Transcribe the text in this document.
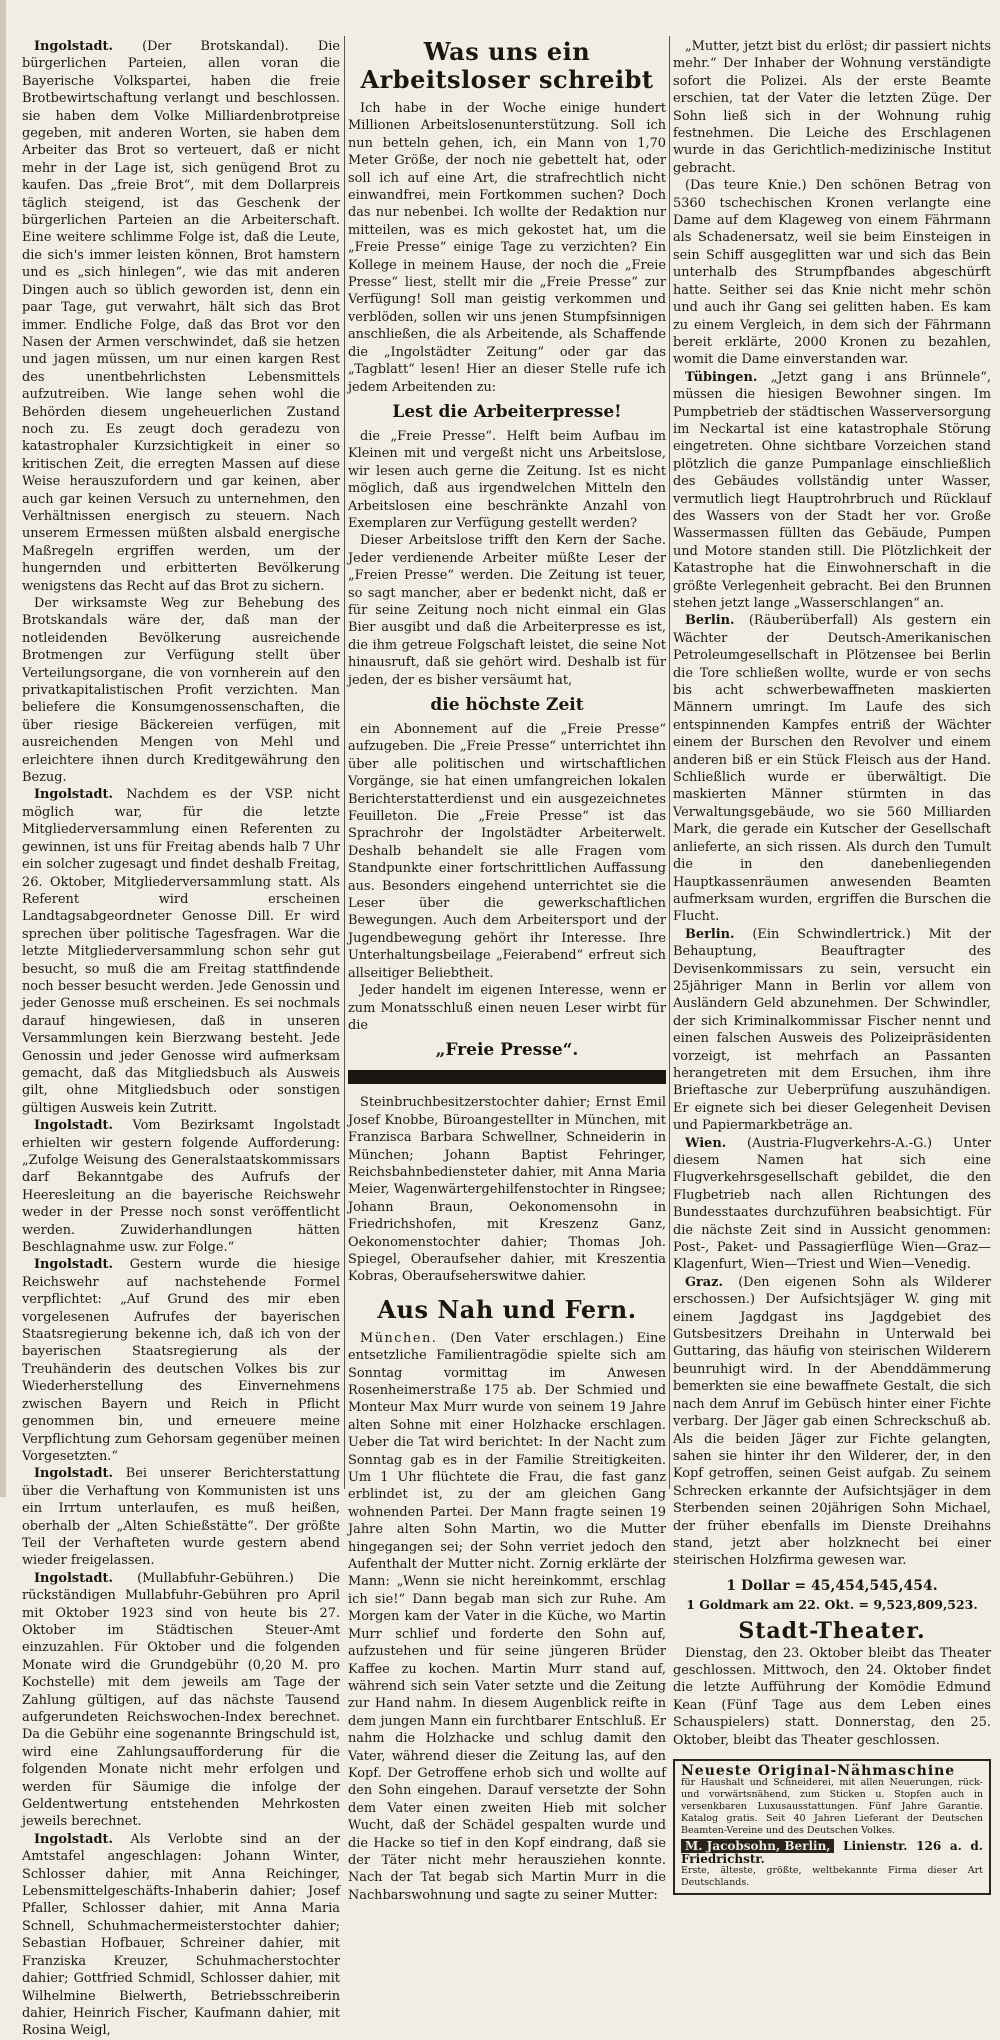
Ingolstadt. (Der Brotskandal). Die bürgerlichen Parteien, allen voran die Bayerische Volkspartei, haben die freie Brotbewirtschaftung verlangt und beschlossen. sie haben dem Volke Milliardenbrotpreise gegeben, mit anderen Worten, sie haben dem Arbeiter das Brot so verteuert, daß er nicht mehr in der Lage ist, sich genügend Brot zu kaufen. Das „freie Brot“, mit dem Dollarpreis täglich steigend, ist das Geschenk der bürgerlichen Parteien an die Arbeiterschaft. Eine weitere schlimme Folge ist, daß die Leute, die sich's immer leisten können, Brot hamstern und es „sich hinlegen“, wie das mit anderen Dingen auch so üblich geworden ist, denn ein paar Tage, gut verwahrt, hält sich das Brot immer. Endliche Folge, daß das Brot vor den Nasen der Armen verschwindet, daß sie hetzen und jagen müssen, um nur einen kargen Rest des unentbehrlichsten Lebensmittels aufzutreiben. Wie lange sehen wohl die Behörden diesem ungeheuerlichen Zustand noch zu. Es zeugt doch geradezu von katastrophaler Kurzsichtigkeit in einer so kritischen Zeit, die erregten Massen auf diese Weise herauszufordern und gar keinen, aber auch gar keinen Versuch zu unternehmen, den Verhältnissen energisch zu steuern. Nach unserem Ermessen müßten alsbald energische Maßregeln ergriffen werden, um der hungernden und erbitterten Bevölkerung wenigstens das Recht auf das Brot zu sichern.

Der wirksamste Weg zur Behebung des Brotskandals wäre der, daß man der notleidenden Bevölkerung ausreichende Brotmengen zur Verfügung stellt über Verteilungsorgane, die von vornherein auf den privatkapitalistischen Profit verzichten. Man beliefere die Konsumgenossenschaften, die über riesige Bäckereien verfügen, mit ausreichenden Mengen von Mehl und erleichtere ihnen durch Kreditgewährung den Bezug.

Ingolstadt. Nachdem es der VSP. nicht möglich war, für die letzte Mitgliederversammlung einen Referenten zu gewinnen, ist uns für Freitag abends halb 7 Uhr ein solcher zugesagt und findet deshalb Freitag, 26. Oktober, Mitgliederversammlung statt. Als Referent wird erscheinen Landtagsabgeordneter Genosse Dill. Er wird sprechen über politische Tagesfragen. War die letzte Mitgliederversammlung schon sehr gut besucht, so muß die am Freitag stattfindende noch besser besucht werden. Jede Genossin und jeder Genosse muß erscheinen. Es sei nochmals darauf hingewiesen, daß in unseren Versammlungen kein Bierzwang besteht. Jede Genossin und jeder Genosse wird aufmerksam gemacht, daß das Mitgliedsbuch als Ausweis gilt, ohne Mitgliedsbuch oder sonstigen gültigen Ausweis kein Zutritt.

Ingolstadt. Vom Bezirksamt Ingolstadt erhielten wir gestern folgende Aufforderung: „Zufolge Weisung des Generalstaatskommissars darf Bekanntgabe des Aufrufs der Heeresleitung an die bayerische Reichswehr weder in der Presse noch sonst veröffentlicht werden. Zuwiderhandlungen hätten Beschlagnahme usw. zur Folge.“

Ingolstadt. Gestern wurde die hiesige Reichswehr auf nachstehende Formel verpflichtet: „Auf Grund des mir eben vorgelesenen Aufrufes der bayerischen Staatsregierung bekenne ich, daß ich von der bayerischen Staatsregierung als der Treuhänderin des deutschen Volkes bis zur Wiederherstellung des Einvernehmens zwischen Bayern und Reich in Pflicht genommen bin, und erneuere meine Verpflichtung zum Gehorsam gegenüber meinen Vorgesetzten.“

Ingolstadt. Bei unserer Berichterstattung über die Verhaftung von Kommunisten ist uns ein Irrtum unterlaufen, es muß heißen, oberhalb der „Alten Schießstätte“. Der größte Teil der Verhafteten wurde gestern abend wieder freigelassen.

Ingolstadt. (Mullabfuhr-Gebühren.) Die rückständigen Mullabfuhr-Gebühren pro April mit Oktober 1923 sind von heute bis 27. Oktober im Städtischen Steuer-Amt einzuzahlen. Für Oktober und die folgenden Monate wird die Grundgebühr (0,20 M. pro Kochstelle) mit dem jeweils am Tage der Zahlung gültigen, auf das nächste Tausend aufgerundeten Reichswochen-Index berechnet. Da die Gebühr eine sogenannte Bringschuld ist, wird eine Zahlungsaufforderung für die folgenden Monate nicht mehr erfolgen und werden für Säumige die infolge der Geldentwertung entstehenden Mehrkosten jeweils berechnet.

Ingolstadt. Als Verlobte sind an der Amtstafel angeschlagen: Johann Winter, Schlosser dahier, mit Anna Reichinger, Lebensmittelgeschäfts-Inhaberin dahier; Josef Pfaller, Schlosser dahier, mit Anna Maria Schnell, Schuhmachermeisterstochter dahier; Sebastian Hofbauer, Schreiner dahier, mit Franziska Kreuzer, Schuhmacherstochter dahier; Gottfried Schmidl, Schlosser dahier, mit Wilhelmine Bielwerth, Betriebsschreiberin dahier, Heinrich Fischer, Kaufmann dahier, mit Rosina Weigl,

Was uns ein Arbeitsloser schreibt

Ich habe in der Woche einige hundert Millionen Arbeitslosenunterstützung. Soll ich nun betteln gehen, ich, ein Mann von 1,70 Meter Größe, der noch nie gebettelt hat, oder soll ich auf eine Art, die strafrechtlich nicht einwandfrei, mein Fortkommen suchen? Doch das nur nebenbei. Ich wollte der Redaktion nur mitteilen, was es mich gekostet hat, um die „Freie Presse“ einige Tage zu verzichten? Ein Kollege in meinem Hause, der noch die „Freie Presse“ liest, stellt mir die „Freie Presse“ zur Verfügung! Soll man geistig verkommen und verblöden, sollen wir uns jenen Stumpfsinnigen anschließen, die als Arbeitende, als Schaffende die „Ingolstädter Zeitung“ oder gar das „Tagblatt“ lesen! Hier an dieser Stelle rufe ich jedem Arbeitenden zu:

Lest die Arbeiterpresse!

die „Freie Presse“. Helft beim Aufbau im Kleinen mit und vergeßt nicht uns Arbeitslose, wir lesen auch gerne die Zeitung. Ist es nicht möglich, daß aus irgendwelchen Mitteln den Arbeitslosen eine beschränkte Anzahl von Exemplaren zur Verfügung gestellt werden?

Dieser Arbeitslose trifft den Kern der Sache. Jeder verdienende Arbeiter müßte Leser der „Freien Presse“ werden. Die Zeitung ist teuer, so sagt mancher, aber er bedenkt nicht, daß er für seine Zeitung noch nicht einmal ein Glas Bier ausgibt und daß die Arbeiterpresse es ist, die ihm getreue Folgschaft leistet, die seine Not hinausruft, daß sie gehört wird. Deshalb ist für jeden, der es bisher versäumt hat,

die höchste Zeit

ein Abonnement auf die „Freie Presse“ aufzugeben. Die „Freie Presse“ unterrichtet ihn über alle politischen und wirtschaftlichen Vorgänge, sie hat einen umfangreichen lokalen Berichterstatterdienst und ein ausgezeichnetes Feuilleton. Die „Freie Presse“ ist das Sprachrohr der Ingolstädter Arbeiterwelt. Deshalb behandelt sie alle Fragen vom Standpunkte einer fortschrittlichen Auffassung aus. Besonders eingehend unterrichtet sie die Leser über die gewerkschaftlichen Bewegungen. Auch dem Arbeitersport und der Jugendbewegung gehört ihr Interesse. Ihre Unterhaltungsbeilage „Feierabend“ erfreut sich allseitiger Beliebtheit.

Jeder handelt im eigenen Interesse, wenn er zum Monatsschluß einen neuen Leser wirbt für die

„Freie Presse“.

Steinbruchbesitzerstochter dahier; Ernst Emil Josef Knobbe, Büroangestellter in München, mit Franzisca Barbara Schwellner, Schneiderin in München; Johann Baptist Fehringer, Reichsbahnbediensteter dahier, mit Anna Maria Meier, Wagenwärtergehilfenstochter in Ringsee; Johann Braun, Oekonomensohn in Friedrichshofen, mit Kreszenz Ganz, Oekonomenstochter dahier; Thomas Joh. Spiegel, Oberaufseher dahier, mit Kreszentia Kobras, Oberaufseherswitwe dahier.

Aus Nah und Fern.

München. (Den Vater erschlagen.) Eine entsetzliche Familientragödie spielte sich am Sonntag vormittag im Anwesen Rosenheimerstraße 175 ab. Der Schmied und Monteur Max Murr wurde von seinem 19 Jahre alten Sohne mit einer Holzhacke erschlagen. Ueber die Tat wird berichtet: In der Nacht zum Sonntag gab es in der Familie Streitigkeiten. Um 1 Uhr flüchtete die Frau, die fast ganz erblindet ist, zu der am gleichen Gang wohnenden Partei. Der Mann fragte seinen 19 Jahre alten Sohn Martin, wo die Mutter hingegangen sei; der Sohn verriet jedoch den Aufenthalt der Mutter nicht. Zornig erklärte der Mann: „Wenn sie nicht hereinkommt, erschlag ich sie!“ Dann begab man sich zur Ruhe. Am Morgen kam der Vater in die Küche, wo Martin Murr schlief und forderte den Sohn auf, aufzustehen und für seine jüngeren Brüder Kaffee zu kochen. Martin Murr stand auf, während sich sein Vater setzte und die Zeitung zur Hand nahm. In diesem Augenblick reifte in dem jungen Mann ein furchtbarer Entschluß. Er nahm die Holzhacke und schlug damit den Vater, während dieser die Zeitung las, auf den Kopf. Der Getroffene erhob sich und wollte auf den Sohn eingehen. Darauf versetzte der Sohn dem Vater einen zweiten Hieb mit solcher Wucht, daß der Schädel gespalten wurde und die Hacke so tief in den Kopf eindrang, daß sie der Täter nicht mehr herausziehen konnte. Nach der Tat begab sich Martin Murr in die Nachbarswohnung und sagte zu seiner Mutter:

„Mutter, jetzt bist du erlöst; dir passiert nichts mehr.“ Der Inhaber der Wohnung verständigte sofort die Polizei. Als der erste Beamte erschien, tat der Vater die letzten Züge. Der Sohn ließ sich in der Wohnung ruhig festnehmen. Die Leiche des Erschlagenen wurde in das Gerichtlich-medizinische Institut gebracht.

(Das teure Knie.) Den schönen Betrag von 5360 tschechischen Kronen verlangte eine Dame auf dem Klageweg von einem Fährmann als Schadenersatz, weil sie beim Einsteigen in sein Schiff ausgeglitten war und sich das Bein unterhalb des Strumpfbandes abgeschürft hatte. Seither sei das Knie nicht mehr schön und auch ihr Gang sei gelitten haben. Es kam zu einem Vergleich, in dem sich der Fährmann bereit erklärte, 2000 Kronen zu bezahlen, womit die Dame einverstanden war.

Tübingen. „Jetzt gang i ans Brünnele“, müssen die hiesigen Bewohner singen. Im Pumpbetrieb der städtischen Wasserversorgung im Neckartal ist eine katastrophale Störung eingetreten. Ohne sichtbare Vorzeichen stand plötzlich die ganze Pumpanlage einschließlich des Gebäudes vollständig unter Wasser, vermutlich liegt Hauptrohrbruch und Rücklauf des Wassers von der Stadt her vor. Große Wassermassen füllten das Gebäude, Pumpen und Motore standen still. Die Plötzlichkeit der Katastrophe hat die Einwohnerschaft in die größte Verlegenheit gebracht. Bei den Brunnen stehen jetzt lange „Wasserschlangen“ an.

Berlin. (Räuberüberfall) Als gestern ein Wächter der Deutsch-Amerikanischen Petroleumgesellschaft in Plötzensee bei Berlin die Tore schließen wollte, wurde er von sechs bis acht schwerbewaffneten maskierten Männern umringt. Im Laufe des sich entspinnenden Kampfes entriß der Wächter einem der Burschen den Revolver und einem anderen biß er ein Stück Fleisch aus der Hand. Schließlich wurde er überwältigt. Die maskierten Männer stürmten in das Verwaltungsgebäude, wo sie 560 Milliarden Mark, die gerade ein Kutscher der Gesellschaft anlieferte, an sich rissen. Als durch den Tumult die in den danebenliegenden Hauptkassenräumen anwesenden Beamten aufmerksam wurden, ergriffen die Burschen die Flucht.

Berlin. (Ein Schwindlertrick.) Mit der Behauptung, Beauftragter des Devisenkommissars zu sein, versucht ein 25jähriger Mann in Berlin vor allem von Ausländern Geld abzunehmen. Der Schwindler, der sich Kriminalkommissar Fischer nennt und einen falschen Ausweis des Polizeipräsidenten vorzeigt, ist mehrfach an Passanten herangetreten mit dem Ersuchen, ihm ihre Brieftasche zur Ueberprüfung auszuhändigen. Er eignete sich bei dieser Gelegenheit Devisen und Papiermarkbeträge an.

Wien. (Austria-Flugverkehrs-A.-G.) Unter diesem Namen hat sich eine Flugverkehrsgesellschaft gebildet, die den Flugbetrieb nach allen Richtungen des Bundesstaates durchzuführen beabsichtigt. Für die nächste Zeit sind in Aussicht genommen: Post-, Paket- und Passagierflüge Wien—Graz—Klagenfurt, Wien—Triest und Wien—Venedig.

Graz. (Den eigenen Sohn als Wilderer erschossen.) Der Aufsichtsjäger W. ging mit einem Jagdgast ins Jagdgebiet des Gutsbesitzers Dreihahn in Unterwald bei Guttaring, das häufig von steirischen Wilderern beunruhigt wird. In der Abenddämmerung bemerkten sie eine bewaffnete Gestalt, die sich nach dem Anruf im Gebüsch hinter einer Fichte verbarg. Der Jäger gab einen Schreckschuß ab. Als die beiden Jäger zur Fichte gelangten, sahen sie hinter ihr den Wilderer, der, in den Kopf getroffen, seinen Geist aufgab. Zu seinem Schrecken erkannte der Aufsichtsjäger in dem Sterbenden seinen 20jährigen Sohn Michael, der früher ebenfalls im Dienste Dreihahns stand, jetzt aber holzknecht bei einer steirischen Holzfirma gewesen war.

1 Dollar = 45,454,545,454.
1 Goldmark am 22. Okt. = 9,523,809,523.
Stadt-Theater.

Dienstag, den 23. Oktober bleibt das Theater geschlossen. Mittwoch, den 24. Oktober findet die letzte Aufführung der Komödie Edmund Kean (Fünf Tage aus dem Leben eines Schauspielers) statt. Donnerstag, den 25. Oktober, bleibt das Theater geschlossen.

Neueste Original-Nähmaschine
für Haushalt und Schneiderei, mit allen Neuerungen, rück- und vorwärtsnähend, zum Sticken u. Stopfen auch in versenkbaren Luxusausstattungen. Fünf Jahre Garantie. Katalog gratis. Seit 40 Jahren Lieferant der Deutschen Beamten-Vereine und des Deutschen Volkes.
M. Jacobsohn, Berlin, Linienstr. 126 a. d. Friedrichstr.
Erste, älteste, größte, weltbekannte Firma dieser Art Deutschlands.
